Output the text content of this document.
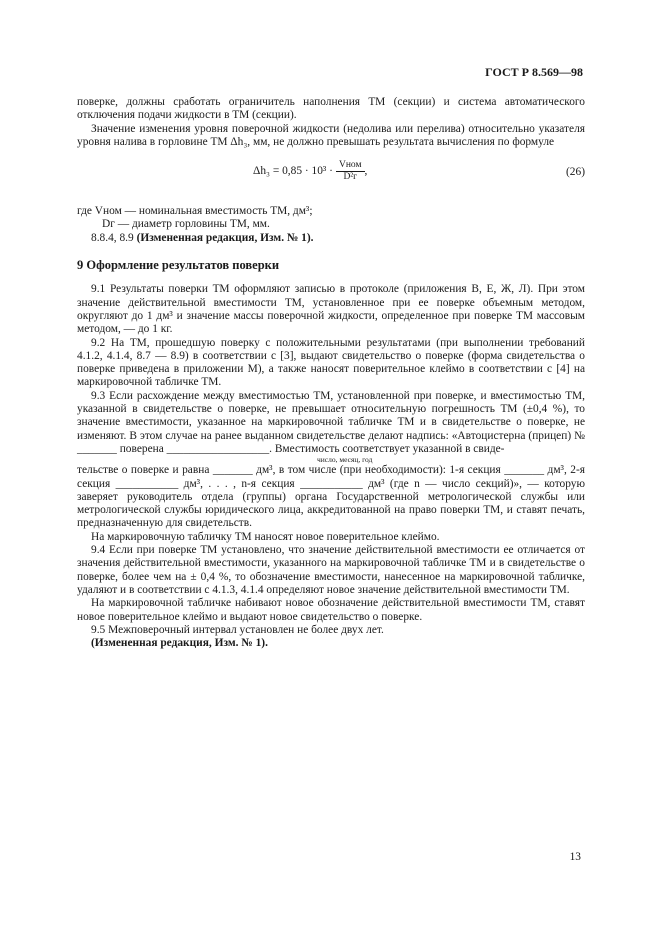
ГОСТ Р 8.569—98

поверке, должны сработать ограничитель наполнения ТМ (секции) и система автоматического отключения подачи жидкости в ТМ (секции).

Значение изменения уровня поверочной жидкости (недолива или перелива) относительно указателя уровня налива в горловине ТМ Δh₃, мм, не должно превышать результата вычисления по формуле

$\Delta h_3 = 0,85 \cdot 10^3 \cdot \frac{\text{Vном}}{\text{D²г}}$ ,	(26)

где Vном — номинальная вместимость ТМ, дм³;

Dг — диаметр горловины ТМ, мм.

8.8.4, 8.9 (Измененная редакция, Изм. № 1).

9 Оформление результатов поверки

9.1 Результаты поверки ТМ оформляют записью в протоколе (приложения В, Е, Ж, Л). При этом значение действительной вместимости ТМ, установленное при ее поверке объемным методом, округляют до 1 дм³ и значение массы поверочной жидкости, определенное при поверке ТМ массовым методом, — до 1 кг.

9.2 На ТМ, прошедшую поверку с положительными результатами (при выполнении требований 4.1.2, 4.1.4, 8.7 — 8.9) в соответствии с [3], выдают свидетельство о поверке (форма свидетельства о поверке приведена в приложении М), а также наносят поверительное клеймо в соответствии с [4] на маркировочной табличке ТМ.

9.3 Если расхождение между вместимостью ТМ, установленной при поверке, и вместимостью ТМ, указанной в свидетельстве о поверке, не превышает относительную погрешность ТМ (±0,4 %), то значение вместимости, указанное на маркировочной табличке ТМ и в свидетельстве о поверке, не изменяют. В этом случае на ранее выданном свидетельстве делают надпись: «Автоцистерна (прицеп) № _______ поверена __________________. Вместимость соответствует указанной в свиде-

число, месяц, год

тельстве о поверке и равна _______ дм³, в том числе (при необходимости): 1-я секция _______ дм³, 2-я секция ___________ дм³, . . . , n-я секция ___________ дм³ (где n — число секций)», — которую заверяет руководитель отдела (группы) органа Государственной метрологической службы или метрологической службы юридического лица, аккредитованной на право поверки ТМ, и ставят печать, предназначенную для свидетельств.

На маркировочную табличку ТМ наносят новое поверительное клеймо.

9.4 Если при поверке ТМ установлено, что значение действительной вместимости ее отличается от значения действительной вместимости, указанного на маркировочной табличке ТМ и в свидетельстве о поверке, более чем на ± 0,4 %, то обозначение вместимости, нанесенное на маркировочной табличке, удаляют и в соответствии с 4.1.3, 4.1.4 определяют новое значение действительной вместимости ТМ.

На маркировочной табличке набивают новое обозначение действительной вместимости ТМ, ставят новое поверительное клеймо и выдают новое свидетельство о поверке.

9.5 Межповерочный интервал установлен не более двух лет.

(Измененная редакция, Изм. № 1).

13
